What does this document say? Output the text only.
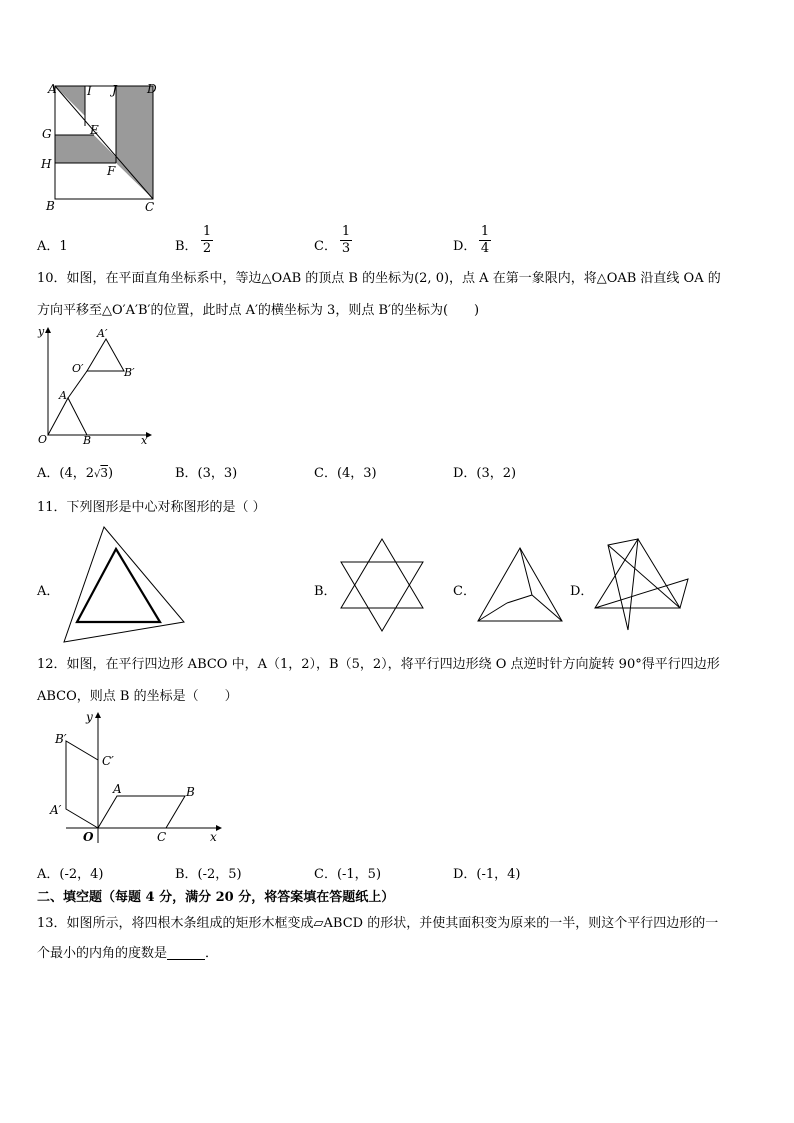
A	I J	D
G	E
H	F
B	C
A．1	B．
1
2	C．
1
3	D．
1
4
10．如图，在平面直角坐标系中，等边△OAB 的顶点 B 的坐标为(2, 0)，点 A 在第一象限内，将△OAB 沿直线 OA 的
方向平移至△O′A′B′的位置，此时点 A′的横坐标为 3，则点 B′的坐标为(　　)
y	A′
O′	B′
A
O	B	x
A．(4，2√3)	B．(3，3)	C．(4，3)	D．(3，2)
11．下列图形是中心对称图形的是（ ）
A．	B．	C．	D．
12．如图，在平行四边形 ABCO 中，A（1，2），B（5，2），将平行四边形绕 O 点逆时针方向旋转 90°得平行四边形
ABCO，则点 B 的坐标是（　　）
y
B′
C′
A	B
A′
O	C	x
A．(-2，4)	B．(-2，5)	C．(-1，5)	D．(-1，4)
二、填空题（每题 4 分，满分 20 分，将答案填在答题纸上）
13．如图所示，将四根木条组成的矩形木框变成▱ABCD 的形状，并使其面积变为原来的一半，则这个平行四边形的一
个最小的内角的度数是	．
